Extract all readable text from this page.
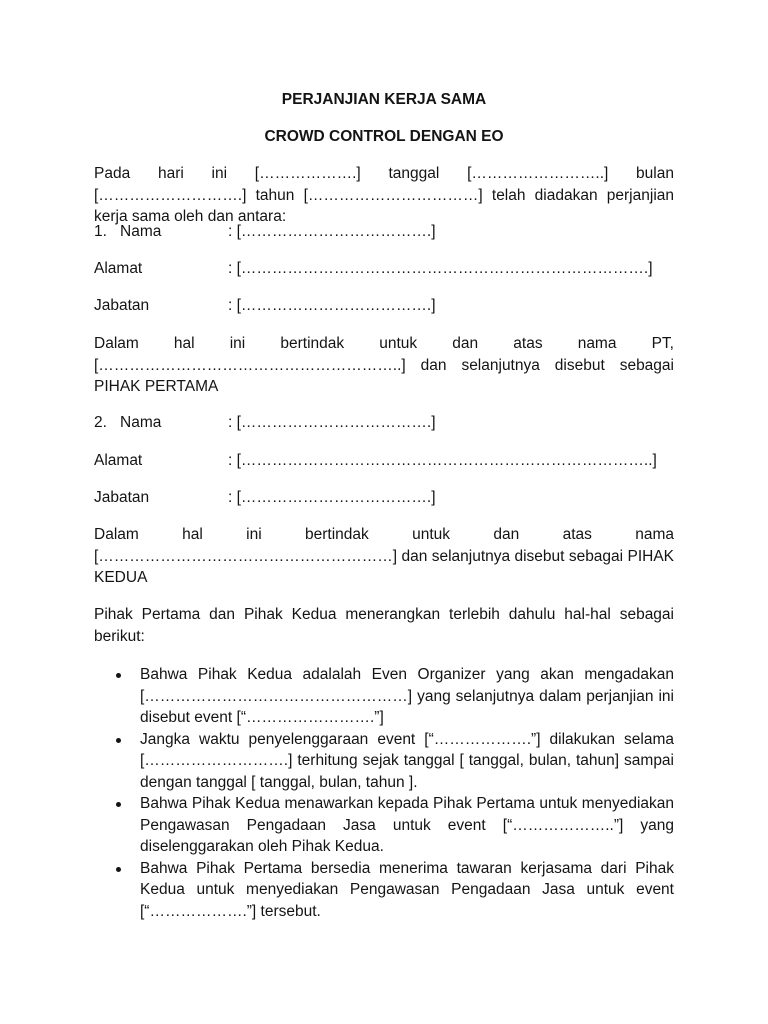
PERJANJIAN KERJA SAMA
CROWD CONTROL DENGAN EO
Pada hari ini [……………….] tanggal [……………………..] bulan [……………………….] tahun [……………………………] telah diadakan perjanjian kerja sama oleh dan antara:
1. Nama	: [……………………………….]
Alamat	: […………………………………………………………………….]
Jabatan	: [……………………………….]
Dalam hal ini bertindak untuk dan atas nama PT, […………………………………………………..] dan selanjutnya disebut sebagai PIHAK PERTAMA
2. Nama	: [……………………………….]
Alamat	: [……………………………………………………………………..]
Jabatan	: [……………………………….]
Dalam hal ini bertindak untuk dan atas nama […………………………………………………] dan selanjutnya disebut sebagai PIHAK KEDUA
Pihak Pertama dan Pihak Kedua menerangkan terlebih dahulu hal-hal sebagai berikut:
Bahwa Pihak Kedua adalalah Even Organizer yang akan mengadakan [……………………………………………] yang selanjutnya dalam perjanjian ini disebut event [“…………………….”]
Jangka waktu penyelenggaraan event [“……………….”] dilakukan selama [……………………….] terhitung sejak tanggal [ tanggal, bulan, tahun] sampai dengan tanggal [ tanggal, bulan, tahun ].
Bahwa Pihak Kedua menawarkan kepada Pihak Pertama untuk menyediakan Pengawasan Pengadaan Jasa untuk event [“………………..”] yang diselenggarakan oleh Pihak Kedua.
Bahwa Pihak Pertama bersedia menerima tawaran kerjasama dari Pihak Kedua untuk menyediakan Pengawasan Pengadaan Jasa untuk event [“……………….”] tersebut.
